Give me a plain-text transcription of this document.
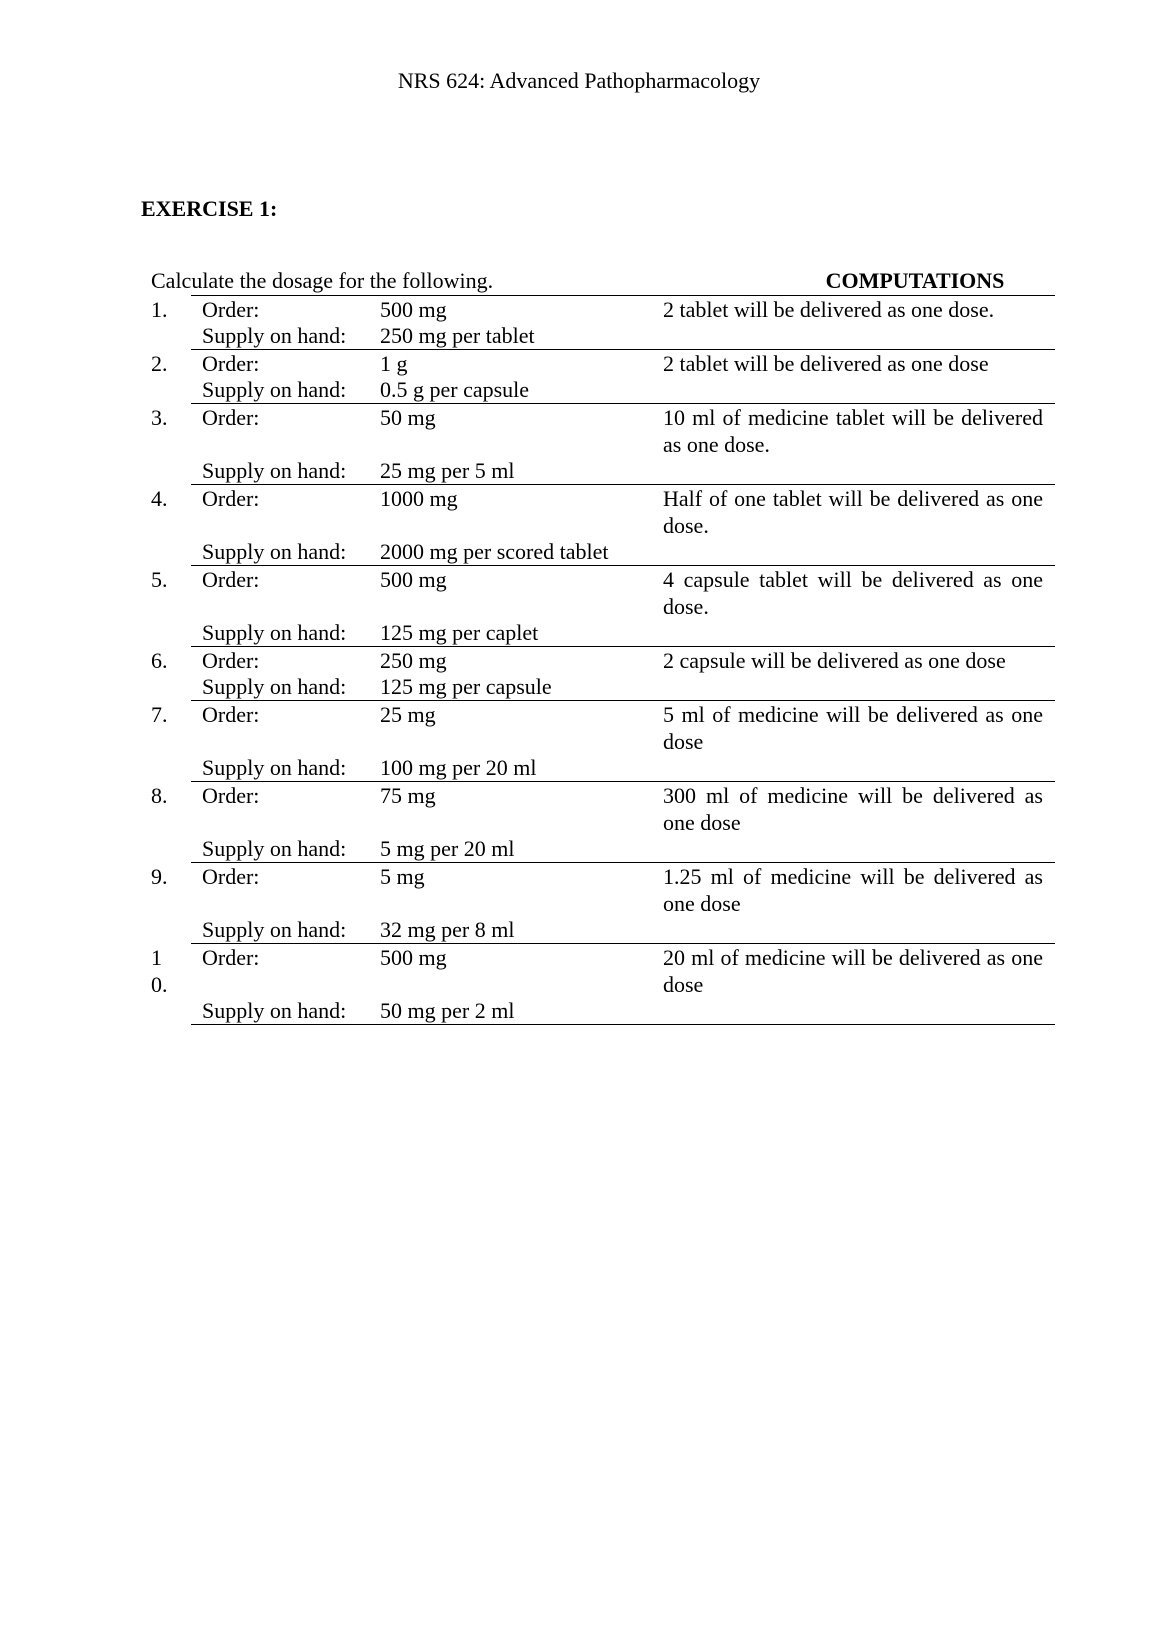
NRS 624: Advanced Pathopharmacology
EXERCISE 1:
Calculate the dosage for the following.	COMPUTATIONS
1.	Order:	500 mg
Supply on hand: 250 mg per tablet
2 tablet will be delivered as one dose.
2.	Order:	1 g
Supply on hand: 0.5 g per capsule
2 tablet will be delivered as one dose
3.	Order:	50 mg
Supply on hand: 25 mg per 5 ml
10 ml of medicine tablet will be delivered as one dose.
4.	Order:	1000 mg
Supply on hand: 2000 mg per scored tablet
Half of one tablet will be delivered as one dose.
5.	Order:	500 mg
Supply on hand: 125 mg per caplet
4 capsule tablet will be delivered as one dose.
6.	Order:	250 mg
Supply on hand: 125 mg per capsule
2 capsule will be delivered as one dose
7.	Order:	25 mg
Supply on hand: 100 mg per 20 ml
5 ml of medicine will be delivered as one dose
8.	Order:	75 mg
Supply on hand: 5 mg per 20 ml
300 ml of medicine will be delivered as one dose
9.	Order:	5 mg
Supply on hand: 32 mg per 8 ml
1.25 ml of medicine will be delivered as one dose
10.
Order:	500 mg
Supply on hand: 50 mg per 2 ml
20 ml of medicine will be delivered as one dose
